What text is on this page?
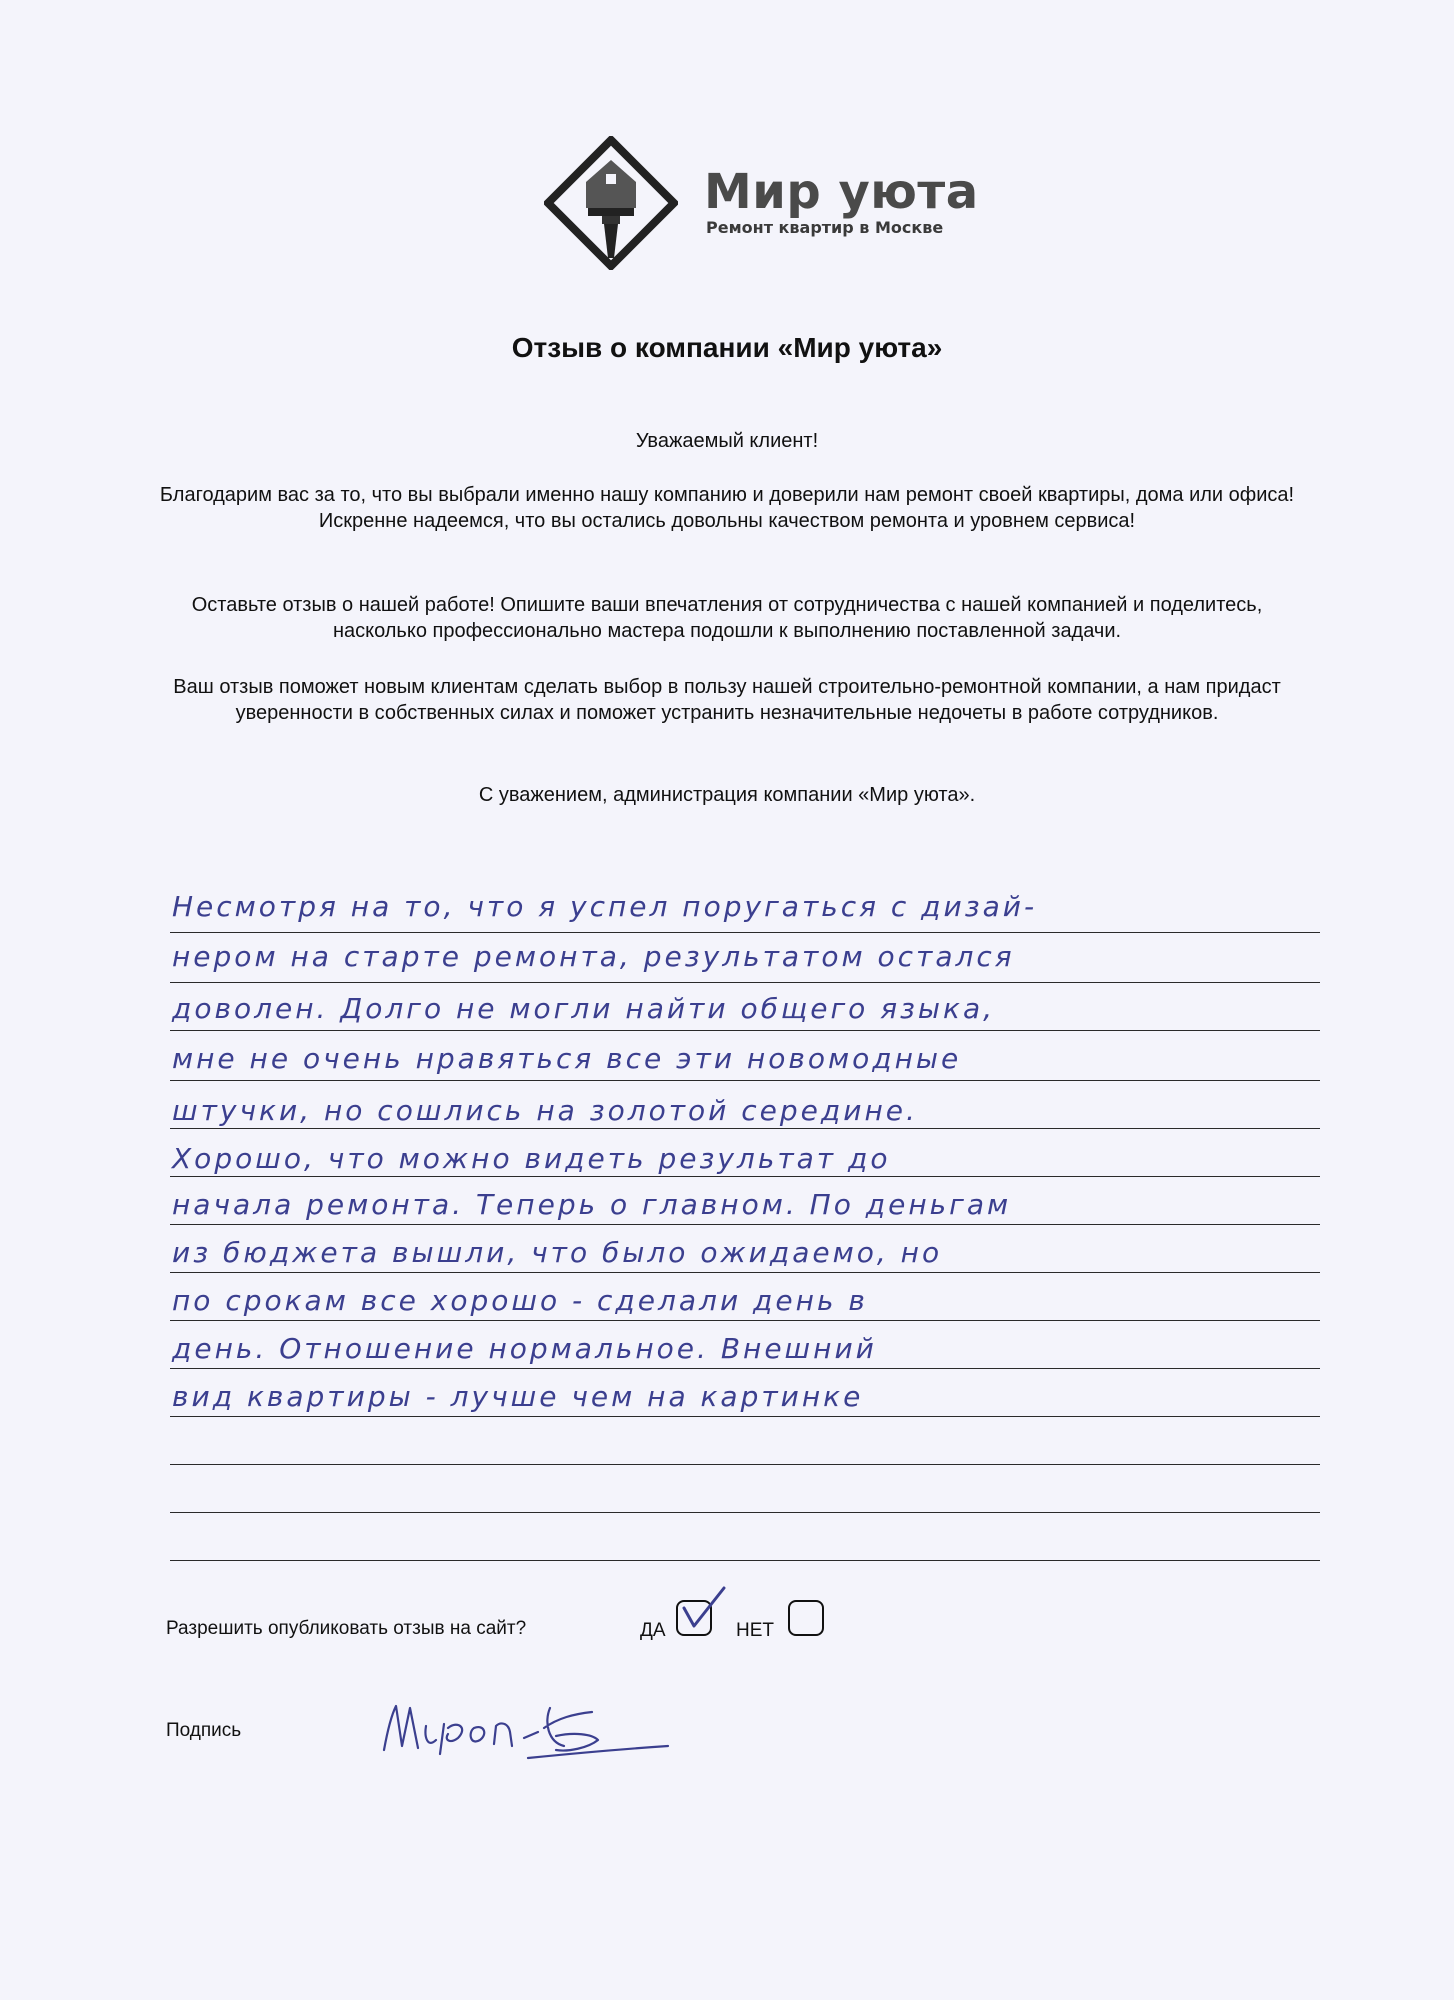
Мир уюта
Ремонт квартир в Москве
Отзыв о компании «Мир уюта»
Уважаемый клиент!
Благодарим вас за то, что вы выбрали именно нашу компанию и доверили нам ремонт своей квартиры, дома или офиса! Искренне надеемся, что вы остались довольны качеством ремонта и уровнем сервиса!
Оставьте отзыв о нашей работе! Опишите ваши впечатления от сотрудничества с нашей компанией и поделитесь, насколько профессионально мастера подошли к выполнению поставленной задачи.
Ваш отзыв поможет новым клиентам сделать выбор в пользу нашей строительно-ремонтной компании, а нам придаст уверенности в собственных силах и поможет устранить незначительные недочеты в работе сотрудников.
С уважением, администрация компании «Мир уюта».
Несмотря на то, что я успел поругаться с дизай-
нером на старте ремонта, результатом остался
доволен. Долго не могли найти общего языка,
мне не очень нравяться все эти новомодные
штучки, но сошлись на золотой середине.
Хорошо, что можно видеть результат до
начала ремонта. Теперь о главном. По деньгам
из бюджета вышли, что было ожидаемо, но
по срокам все хорошо - сделали день в
день. Отношение нормальное. Внешний
вид квартиры - лучше чем на картинке
Разрешить опубликовать отзыв на сайт?	ДА	НЕТ
Подпись
